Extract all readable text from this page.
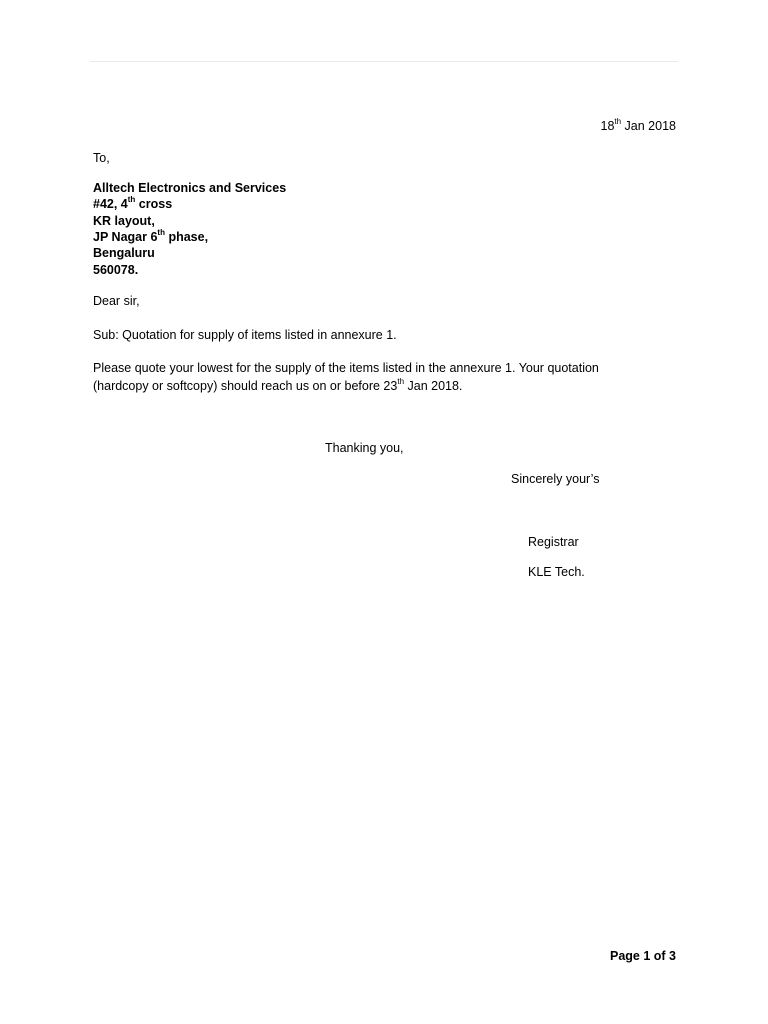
18th Jan 2018
To,
Alltech Electronics and Services
#42, 4th cross
KR layout,
JP Nagar 6th phase,
Bengaluru
560078.
Dear sir,
Sub: Quotation for supply of items listed in annexure 1.
Please quote your lowest for the supply of the items listed in the annexure 1. Your quotation
(hardcopy or softcopy) should reach us on or before 23th Jan 2018.
Thanking you,
Sincerely your’s
Registrar
KLE Tech.
Page 1 of 3
